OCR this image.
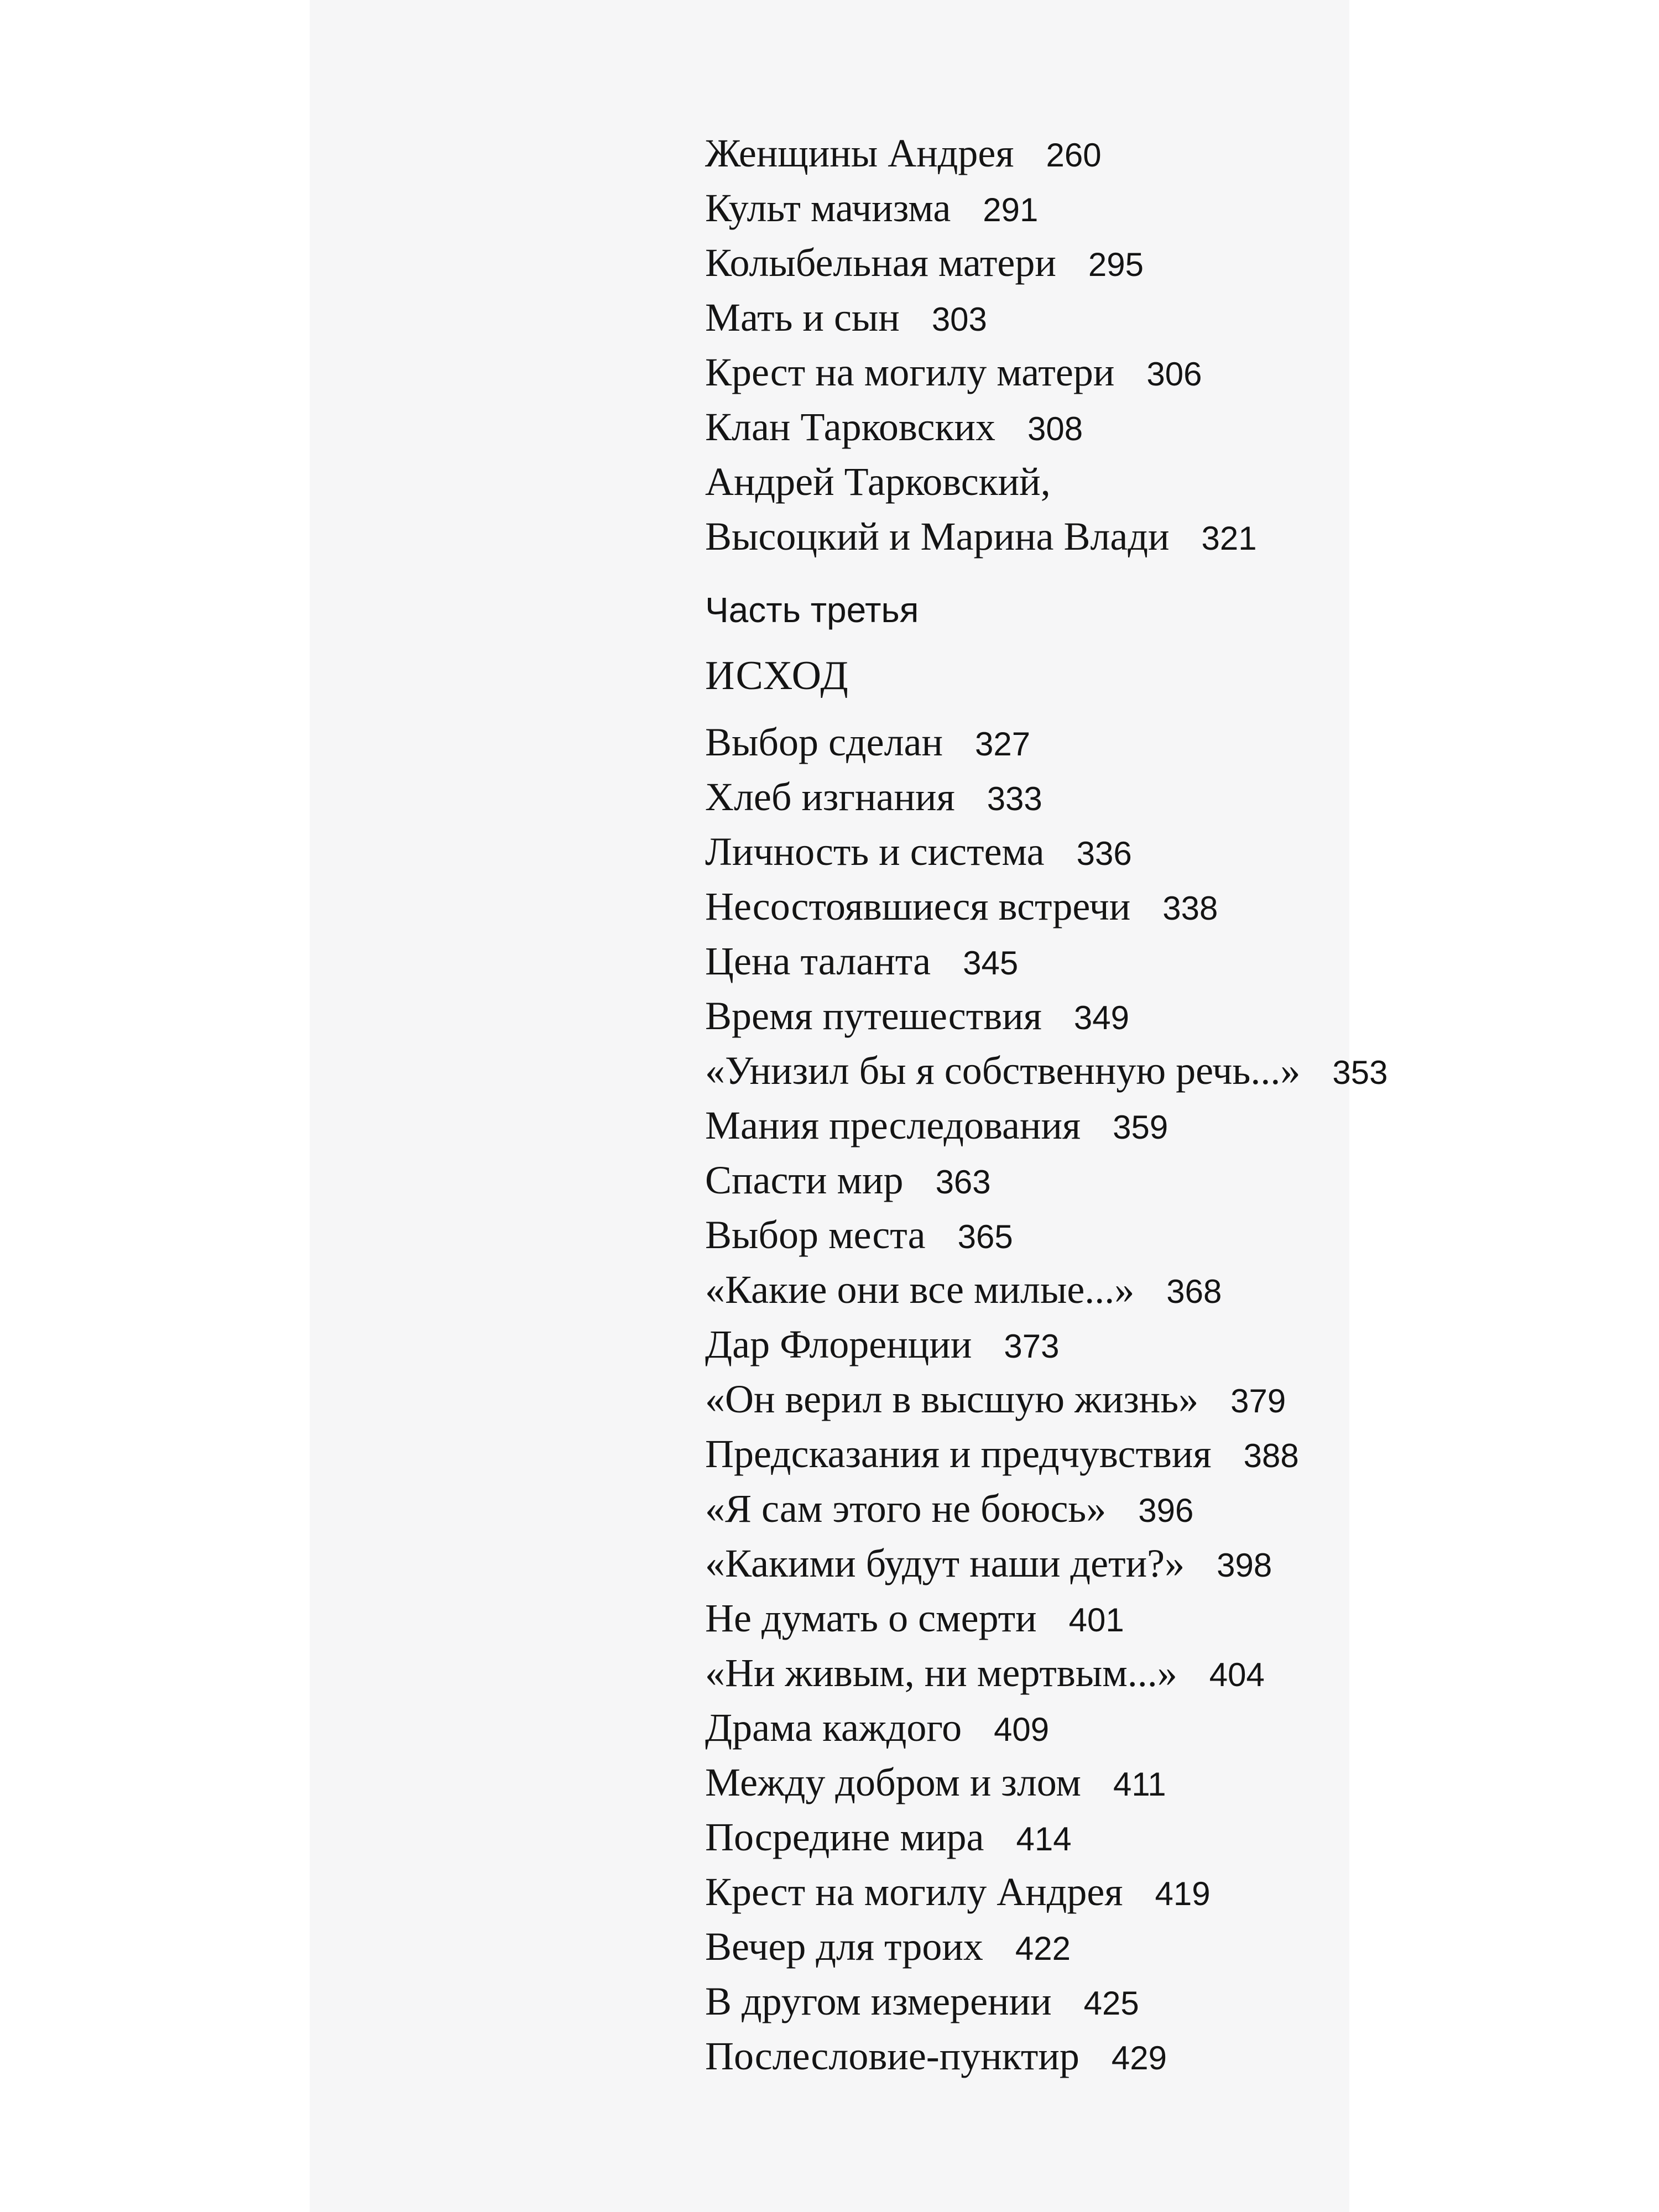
Женщины Андрея 260
Культ мачизма 291
Колыбельная матери 295
Мать и сын 303
Крест на могилу матери 306
Клан Тарковских 308
Андрей Тарковский,
Высоцкий и Марина Влади 321
Часть третья
ИСХОД
Выбор сделан 327
Хлеб изгнания 333
Личность и система 336
Несостоявшиеся встречи 338
Цена таланта 345
Время путешествия 349
«Унизил бы я собственную речь...» 353
Мания преследования 359
Спасти мир 363
Выбор места 365
«Какие они все милые...» 368
Дар Флоренции 373
«Он верил в высшую жизнь» 379
Предсказания и предчувствия 388
«Я сам этого не боюсь» 396
«Какими будут наши дети?» 398
Не думать о смерти 401
«Ни живым, ни мертвым...» 404
Драма каждого 409
Между добром и злом 411
Посредине мира 414
Крест на могилу Андрея 419
Вечер для троих 422
В другом измерении 425
Послесловие-пунктир 429
